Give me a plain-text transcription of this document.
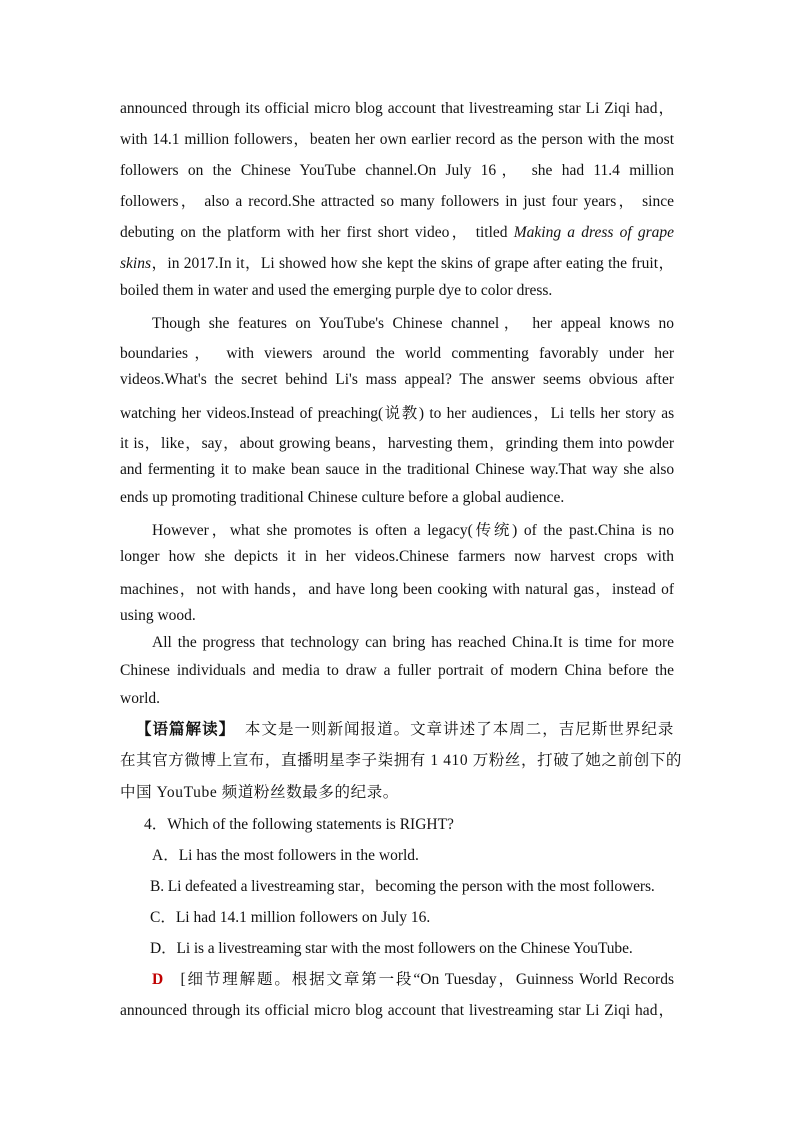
announced through its official micro blog account that livestreaming star Li Ziqi had，
with 14.1 million followers，beaten her own earlier record as the person with the most
followers on the Chinese YouTube channel.On July 16， she had 11.4 million
followers， also a record.She attracted so many followers in just four years， since
debuting on the platform with her first short video， titled Making a dress of grape
skins，in 2017.In it，Li showed how she kept the skins of grape after eating the fruit，
boiled them in water and used the emerging purple dye to color dress.
Though she features on YouTube's Chinese channel， her appeal knows no
boundaries， with viewers around the world commenting favorably under her
videos.What's the secret behind Li's mass appeal? The answer seems obvious after
watching her videos.Instead of preaching(说教) to her audiences，Li tells her story as
it is，like，say，about growing beans，harvesting them，grinding them into powder
and fermenting it to make bean sauce in the traditional Chinese way.That way she also
ends up promoting traditional Chinese culture before a global audience.
However，what she promotes is often a legacy(传统) of the past.China is no
longer how she depicts it in her videos.Chinese farmers now harvest crops with
machines，not with hands，and have long been cooking with natural gas，instead of
using wood.
All the progress that technology can bring has reached China.It is time for more
Chinese individuals and media to draw a fuller portrait of modern China before the
world.
【语篇解读】 本文是一则新闻报道。文章讲述了本周二，吉尼斯世界纪录
在其官方微博上宣布，直播明星李子柒拥有 1 410 万粉丝，打破了她之前创下的
中国 YouTube 频道粉丝数最多的纪录。
4．Which of the following statements is RIGHT?
A．Li has the most followers in the world.
B. Li defeated a livestreaming star，becoming the person with the most followers.
C．Li had 14.1 million followers on July 16.
D．Li is a livestreaming star with the most followers on the Chinese YouTube.
D [细节理解题。根据文章第一段“On Tuesday，Guinness World Records
announced through its official micro blog account that livestreaming star Li Ziqi had，
